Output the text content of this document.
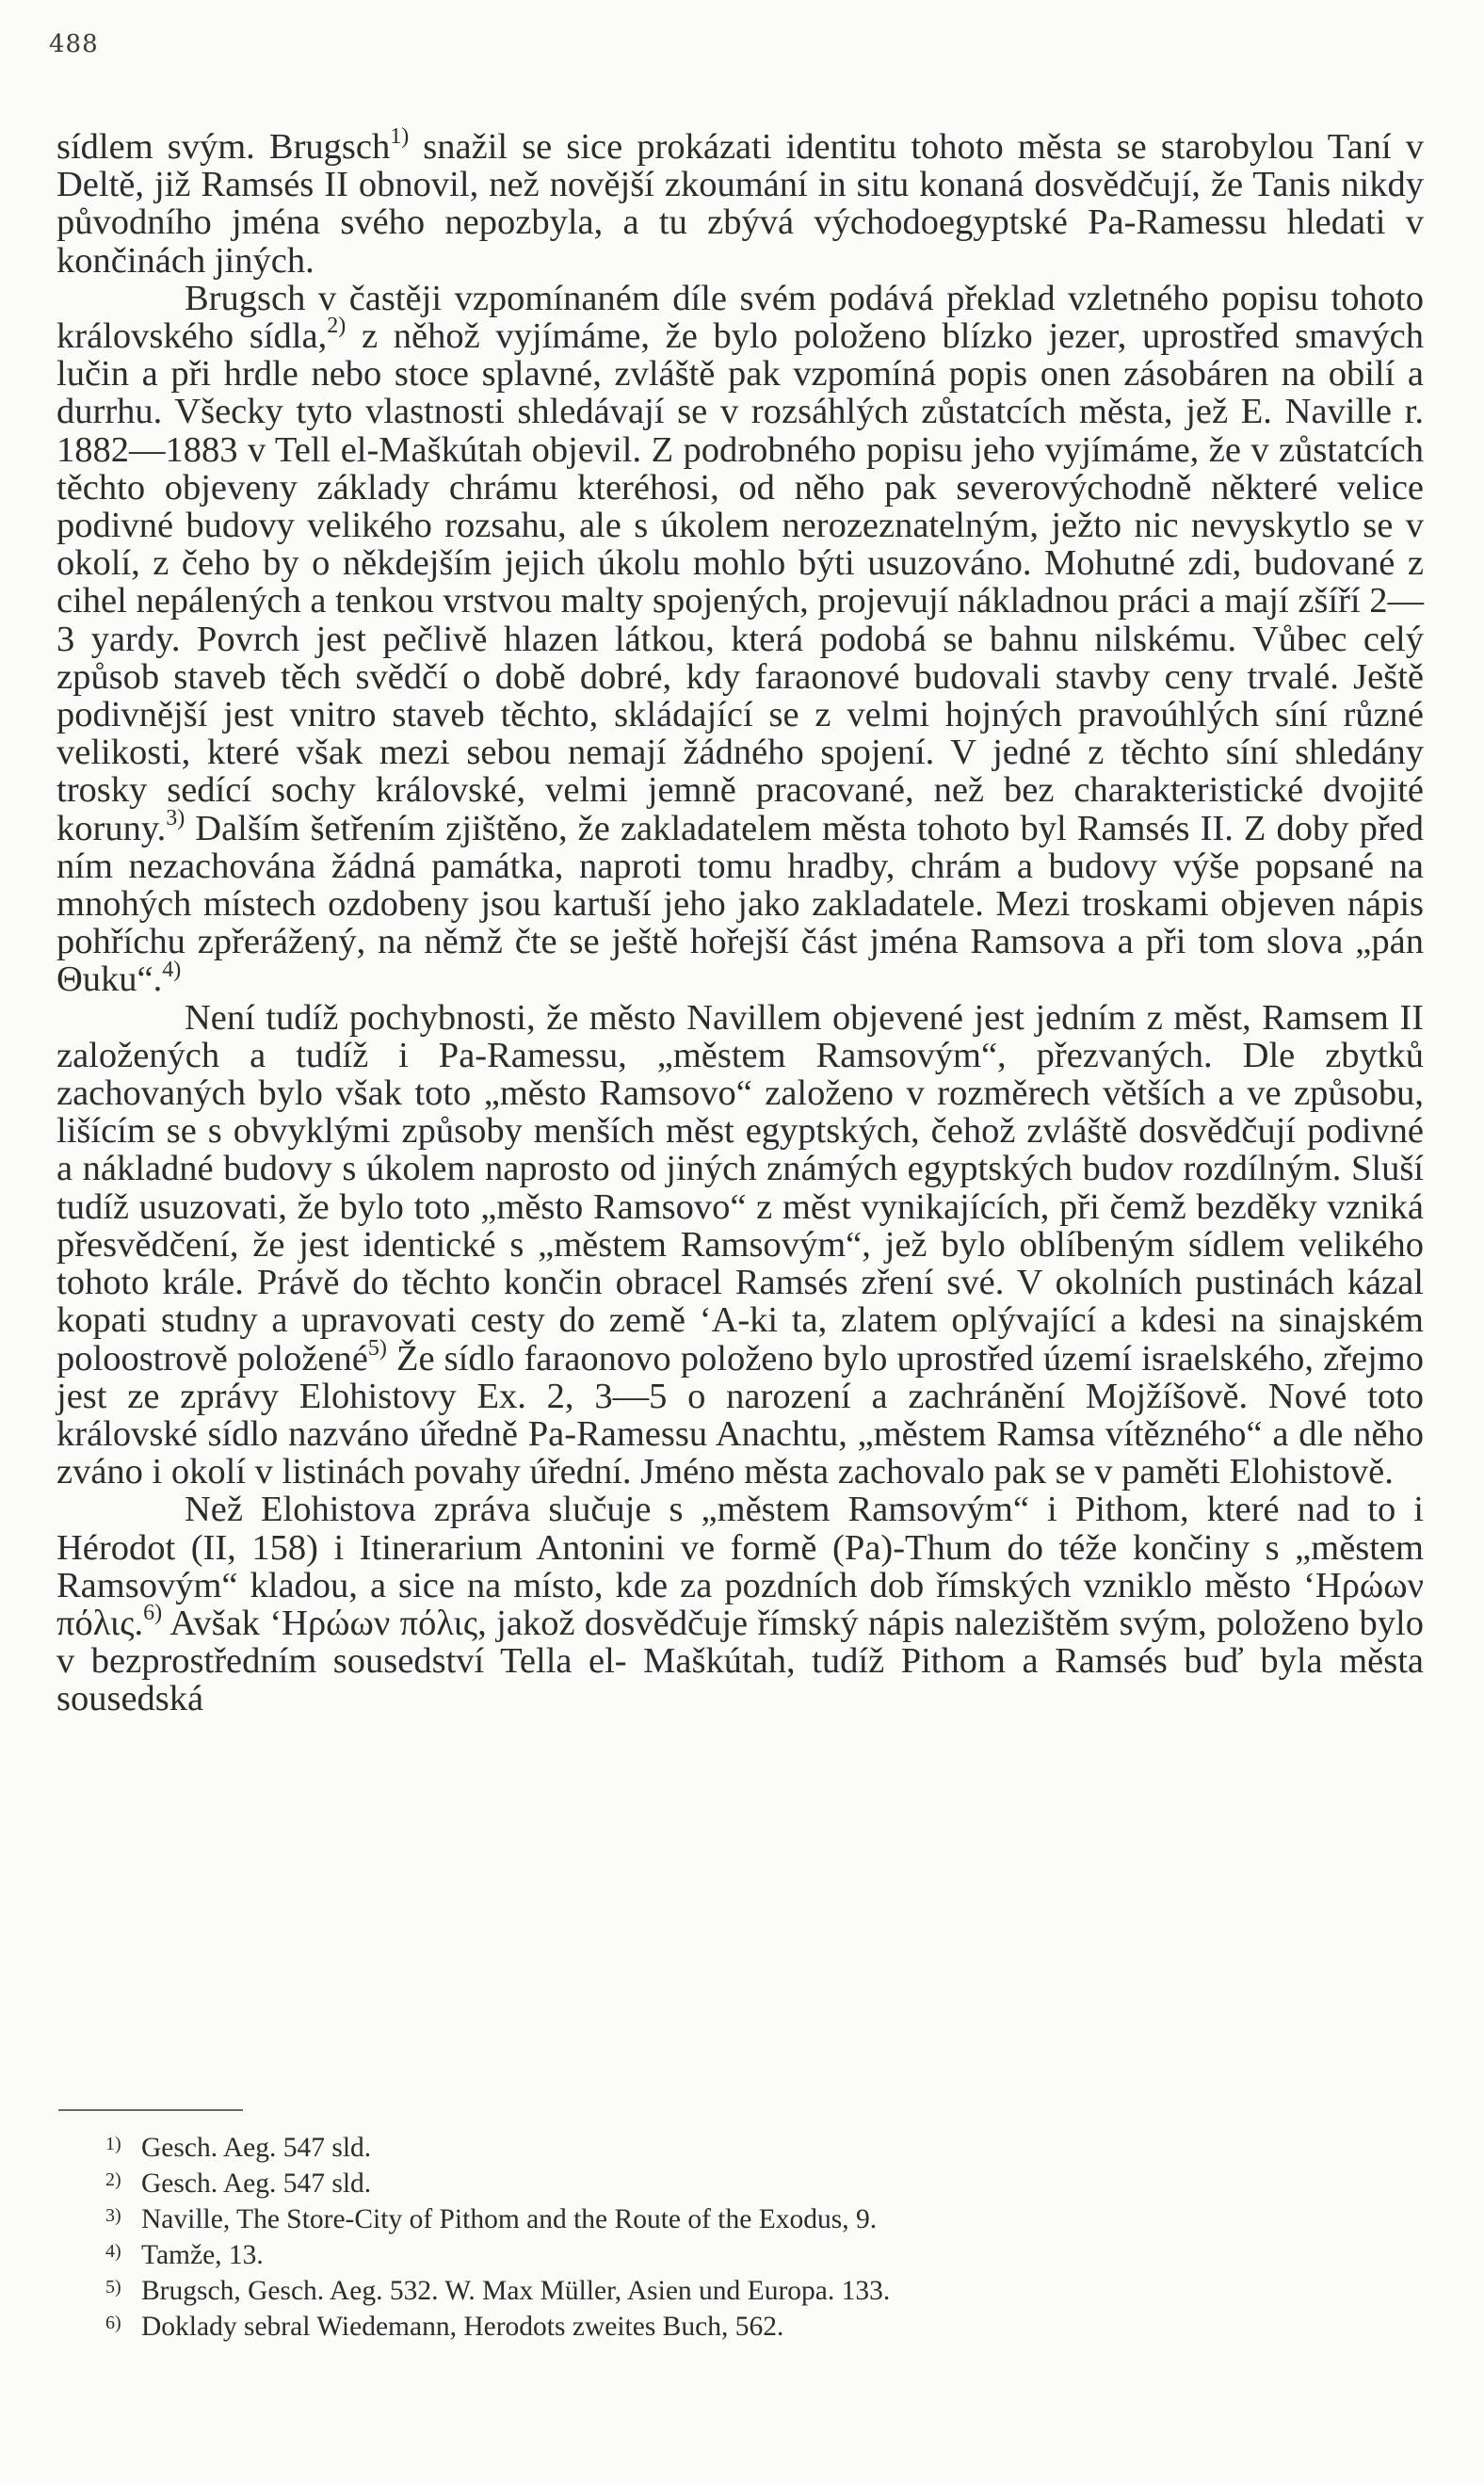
488

sídlem svým. Brugsch$^{1)}$ snažil se sice prokázati identitu tohoto města se starobylou Taní v Deltě, již Ramsés II obnovil, než novější zkoumání in situ konaná dosvědčují, že Tanis nikdy původního jména svého nepozbyla, a tu zbývá východoegyptské Pa-Ramessu hledati v končinách jiných.

Brugsch v častěji vzpomínaném díle svém podává překlad vzletného popisu tohoto královského sídla,$^{2)}$ z něhož vyjímáme, že bylo položeno blízko jezer, uprostřed smavých lučin a při hrdle nebo stoce splavné, zvláště pak vzpomíná popis onen zásobáren na obilí a durrhu. Všecky tyto vlastnosti shledávají se v rozsáhlých zůstatcích města, jež E. Naville r. 1882—1883 v Tell el-Maškútah objevil. Z podrobného popisu jeho vyjímáme, že v zůstatcích těchto objeveny základy chrámu kteréhosi, od něho pak severovýchodně některé velice podivné budovy velikého rozsahu, ale s úkolem nerozeznatelným, ježto nic nevyskytlo se v okolí, z čeho by o někdejším jejich úkolu mohlo býti usuzováno. Mohutné zdi, budované z cihel nepálených a tenkou vrstvou malty spojených, projevují nákladnou práci a mají zšíří 2—3 yardy. Povrch jest pečlivě hlazen látkou, která podobá se bahnu nilskému. Vůbec celý způsob staveb těch svědčí o době dobré, kdy faraonové budovali stavby ceny trvalé. Ještě podivnější jest vnitro staveb těchto, skládající se z velmi hojných pravoúhlých síní různé velikosti, které však mezi sebou nemají žádného spojení. V jedné z těchto síní shledány trosky sedící sochy královské, velmi jemně pracované, než bez charakteristické dvojité koruny.$^{3)}$ Dalším šetřením zjištěno, že zakladatelem města tohoto byl Ramsés II. Z doby před ním nezachována žádná památka, naproti tomu hradby, chrám a budovy výše popsané na mnohých místech ozdobeny jsou kartuší jeho jako zakladatele. Mezi troskami objeven nápis pohříchu zpřerážený, na němž čte se ještě hořejší část jména Ramsova a při tom slova „pán Θuku“.$^{4)}$

Není tudíž pochybnosti, že město Navillem objevené jest jedním z měst, Ramsem II založených a tudíž i Pa-Ramessu, „městem Ramsovým“, přezvaných. Dle zbytků zachovaných bylo však toto „město Ramsovo“ založeno v rozměrech větších a ve způsobu, lišícím se s obvyklými způsoby menších měst egyptských, čehož zvláště dosvědčují podivné a nákladné budovy s úkolem naprosto od jiných známých egyptských budov rozdílným. Sluší tudíž usuzovati, že bylo toto „město Ramsovo“ z měst vynikajících, při čemž bezděky vzniká přesvědčení, že jest identické s „městem Ramsovým“, jež bylo oblíbeným sídlem velikého tohoto krále. Právě do těchto končin obracel Ramsés zření své. V okolních pustinách kázal kopati studny a upravovati cesty do země ‘A-ki ta, zlatem oplývající a kdesi na sinajském poloostrově položené$^{5)}$ Že sídlo faraonovo položeno bylo uprostřed území israelského, zřejmo jest ze zprávy Elohistovy Ex. 2, 3—5 o narození a zachránění Mojžíšově. Nové toto královské sídlo nazváno úředně Pa-Ramessu Anachtu, „městem Ramsa vítězného“ a dle něho zváno i okolí v listinách povahy úřední. Jméno města zachovalo pak se v paměti Elohistově.

Než Elohistova zpráva slučuje s „městem Ramsovým“ i Pithom, které nad to i Hérodot (II, 158) i Itinerarium Antonini ve formě (Pa)-Thum do téže končiny s „městem Ramsovým“ kladou, a sice na místo, kde za pozdních dob římských vzniklo město ‘Ηρώων πόλις.$^{6)}$ Avšak ‘Ηρώων πόλις, jakož dosvědčuje římský nápis nalezištěm svým, položeno bylo v bezprostředním sousedství Tella el- Maškútah, tudíž Pithom a Ramsés buď byla města sousedská

1) Gesch. Aeg. 547 sld.
2) Gesch. Aeg. 547 sld.
3) Naville, The Store-City of Pithom and the Route of the Exodus, 9.
4) Tamže, 13.
5) Brugsch, Gesch. Aeg. 532. W. Max Müller, Asien und Europa. 133.
6) Doklady sebral Wiedemann, Herodots zweites Buch, 562.
